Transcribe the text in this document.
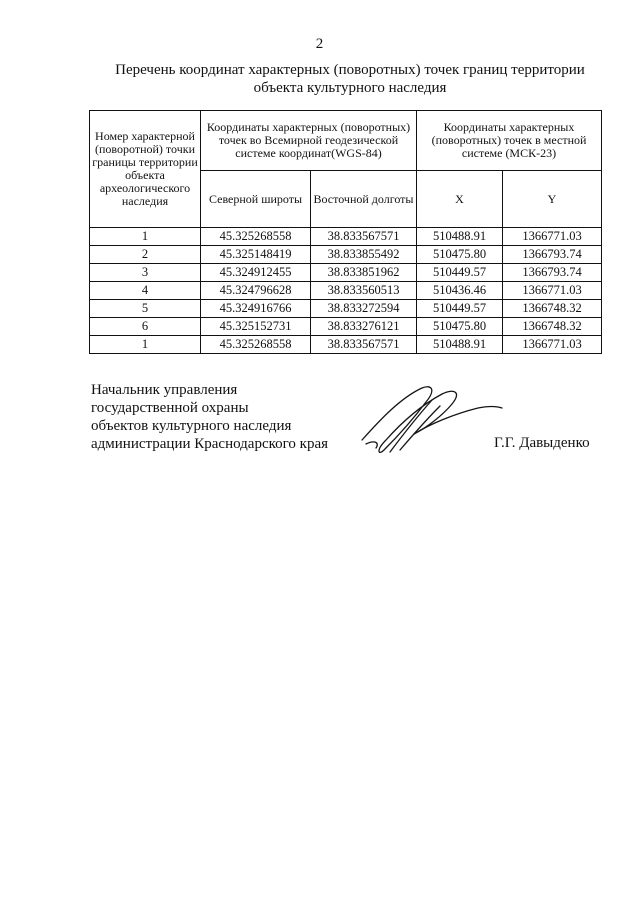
2
Перечень координат характерных (поворотных) точек границ территории
объекта культурного наследия
Номер характерной (поворотной) точки границы территории объекта археологического наследия	Координаты характерных (поворотных) точек во Всемирной геодезической системе координат(WGS-84)		Координаты характерных (поворотных) точек в местной системе (МСК-23)	
	Северной широты	Восточной долготы	X	Y
1	45.325268558	38.833567571	510488.91	1366771.03
2	45.325148419	38.833855492	510475.80	1366793.74
3	45.324912455	38.833851962	510449.57	1366793.74
4	45.324796628	38.833560513	510436.46	1366771.03
5	45.324916766	38.833272594	510449.57	1366748.32
6	45.325152731	38.833276121	510475.80	1366748.32
1	45.325268558	38.833567571	510488.91	1366771.03
Начальник управления
государственной охраны
объектов культурного наследия
администрации Краснодарского края	Г.Г. Давыденко
